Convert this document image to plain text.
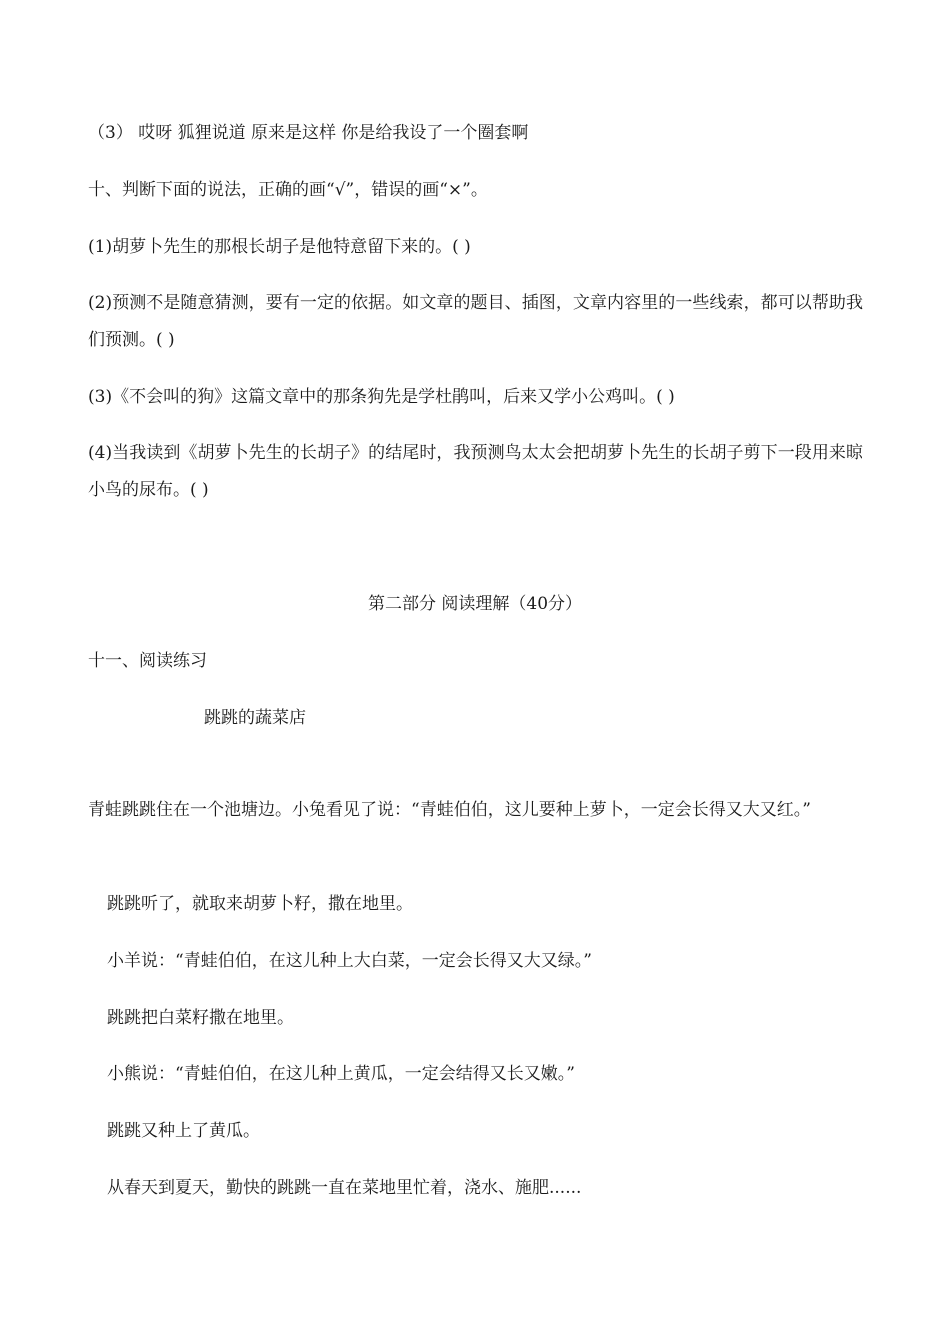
（3） 哎呀 狐狸说道 原来是这样 你是给我设了一个圈套啊
十、判断下面的说法，正确的画“√”，错误的画“×”。
(1)胡萝卜先生的那根长胡子是他特意留下来的。( )
(2)预测不是随意猜测，要有一定的依据。如文章的题目、插图，文章内容里的一些线索，都可以帮助我们预测。( )
(3)《不会叫的狗》这篇文章中的那条狗先是学杜鹃叫，后来又学小公鸡叫。( )
(4)当我读到《胡萝卜先生的长胡子》的结尾时，我预测鸟太太会把胡萝卜先生的长胡子剪下一段用来晾小鸟的尿布。( )
第二部分 阅读理解（40分）
十一、阅读练习
跳跳的蔬菜店
青蛙跳跳住在一个池塘边。小兔看见了说：“青蛙伯伯，这儿要种上萝卜，一定会长得又大又红。”
跳跳听了，就取来胡萝卜籽，撒在地里。
小羊说：“青蛙伯伯，在这儿种上大白菜，一定会长得又大又绿。”
跳跳把白菜籽撒在地里。
小熊说：“青蛙伯伯，在这儿种上黄瓜，一定会结得又长又嫩。”
跳跳又种上了黄瓜。
从春天到夏天，勤快的跳跳一直在菜地里忙着，浇水、施肥......
